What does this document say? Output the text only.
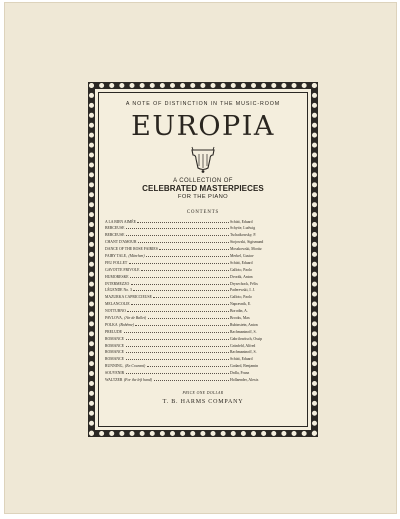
A NOTE OF DISTINCTION IN THE MUSIC-ROOM
EUROPIA
A COLLECTION OF
CELEBRATED MASTERPIECES
FOR THE PIANO
CONTENTS
A LA BIEN AIMÉE	Schütt, Eduard
BERCEUSE	Schytte, Ludwig
BERCEUSE	Tschaikowsky, P.
CHANT D'AMOUR	Stojowski, Sigismund
DANCE OF THE ROSE FAIRIES	Moszkowski, Moritz
FAIRY TALE, (Märchen)	Merkel, Gustav
FEU FOLLET	Schütt, Eduard
GAVOTTE FRIVOLE	Galloto, Paolo
HUMORESKE	Dvorák, Anton
INTERMEZZO	Drysechock, Félix
LÉGENDE No. 3	Paderewski, I. J.
MAZURKA CAPRICCIEUSE	Galloto, Paolo
MELANCOLIE	Napravnik, E.
NOTTURNO	Borodin, A.
PAVLOVA, (Air de Ballet)	Brooks, Max
POLKA (Bohême)	Rubinstein, Anton
PRELUDE	Rachmaninoff, S.
ROMANCE	Gabrilowitsch, Ossip
ROMANCE	Grünfeld, Alfred
ROMANCE	Rachmaninoff, S.
ROMANCE	Schütt, Eduard
RUNNING, (En Courant)	Godard, Benjamin
SOUVENIR	Drdla, Franz
WALTZER (For the left hand)	Hollaender, Alexis
PRICE ONE DOLLAR
T. B. HARMS COMPANY
